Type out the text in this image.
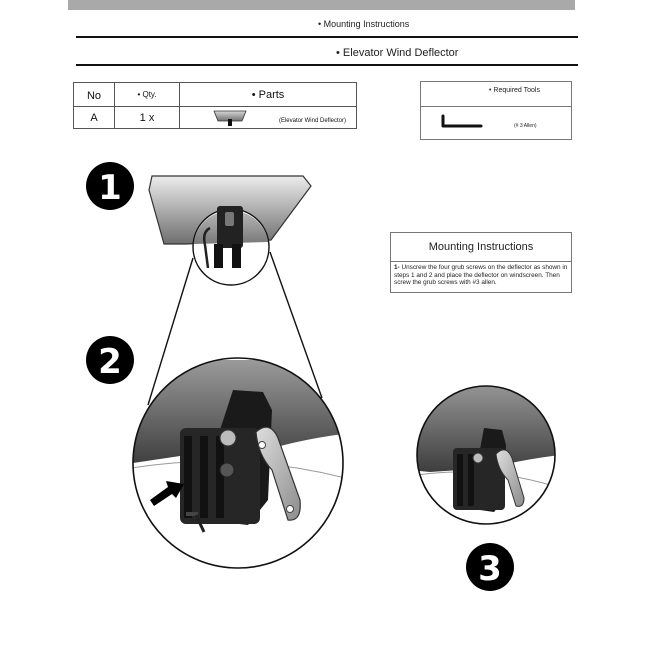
• Mounting Instructions
• Elevator Wind Deflector
No	• Qty.	• Parts
A	1 x	$_{(Elevator Wind Deflector)}$
• Required Tools
(# 3 Allen)
Mounting Instructions
1- Unscrew the four grub screws on the deflector as shown in steps 1 and 2 and place the deflector on windscreen. Then screw the grub screws with #3 allen.
1
2
3
